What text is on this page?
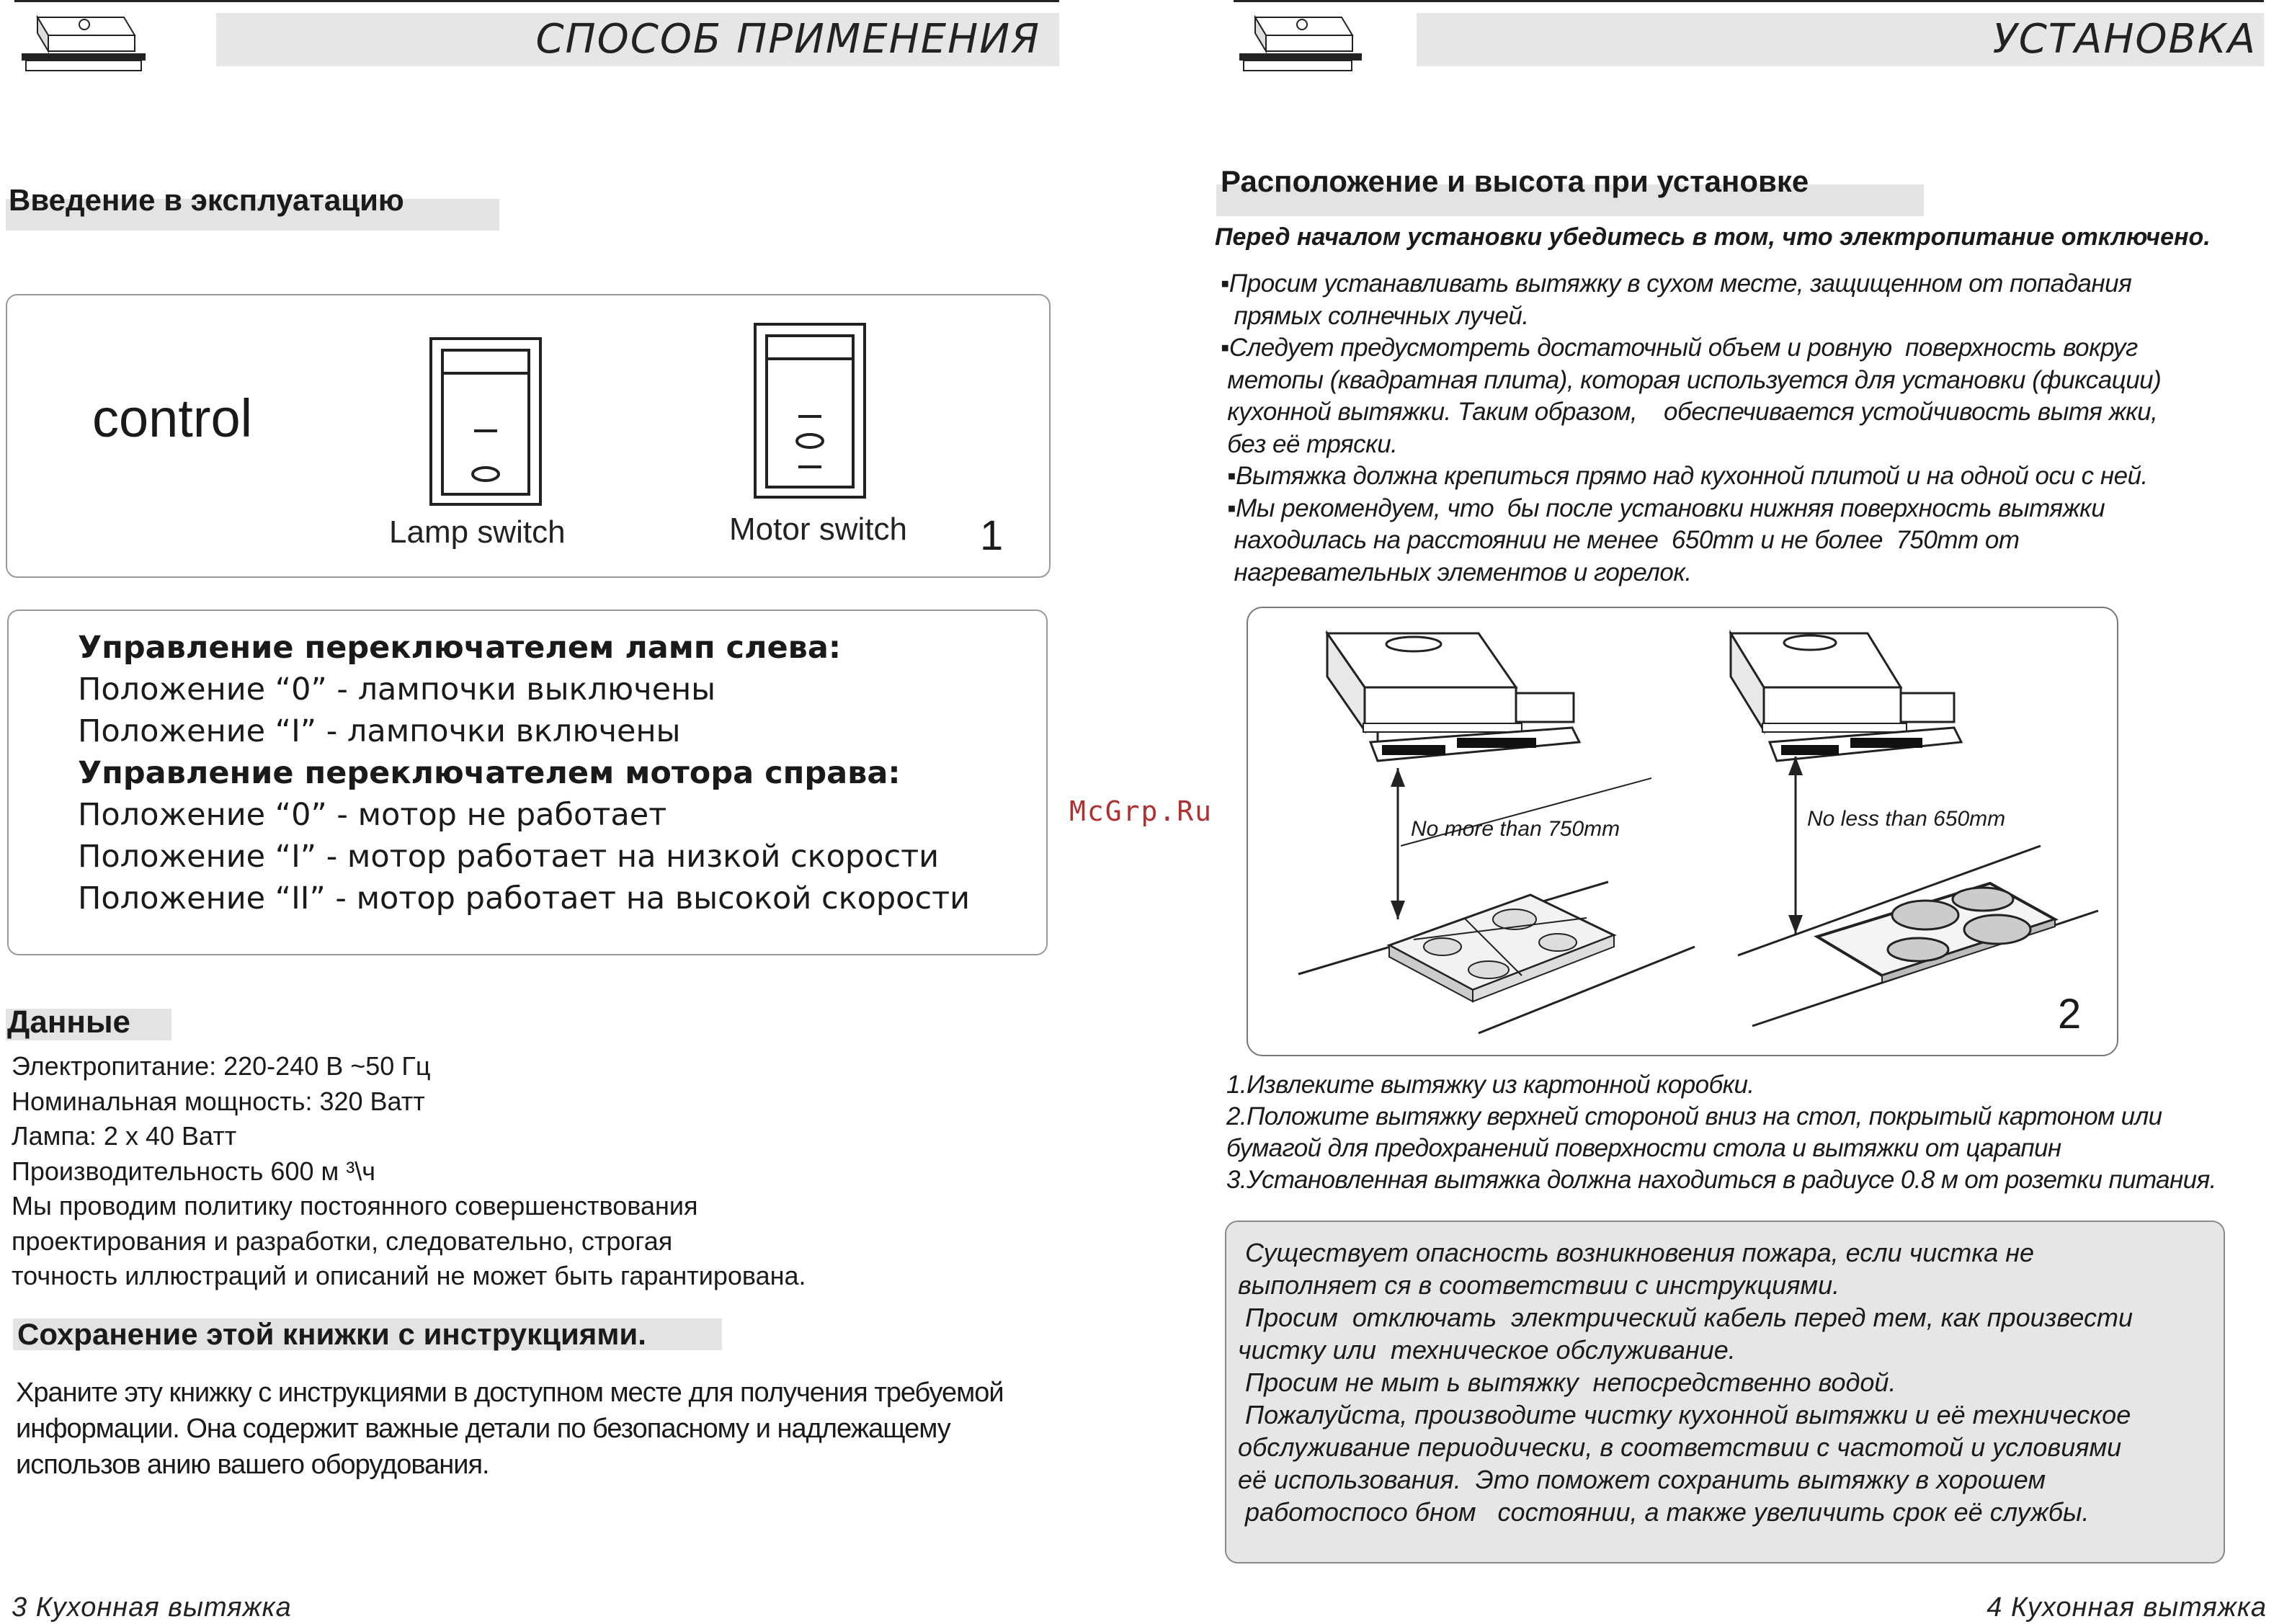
СПОСОБ ПРИМЕНЕНИЯ
Введение в эксплуатацию
control
Lamp switch	Motor switch 1
Управление переключателем ламп слева:
Положение “0” - лампочки выключены
Положение “I” - лампочки включены
Управление переключателем мотора справа:
Положение “0” - мотор не работает
Положение “I” - мотор работает на низкой скорости
Положение “II” - мотор работает на высокой скорости
Данные
Электропитание: 220-240 В ~50 Гц
Номинальная мощность: 320 Ватт
Лампа: 2 х 40 Ватт
Производительность 600 м ³\ч
Мы проводим политику постоянного совершенствования
проектирования и разработки, следовательно, строгая
точность иллюстраций и описаний не может быть гарантирована.
Сохранение этой книжки с инструкциями.
Храните эту книжку с инструкциями в доступном месте для получения требуемой
информации. Она содержит важные детали по безопасному и надлежащему
использов анию вашего оборудования.
3 Кухонная вытяжка
McGrp.Ru
УСТАНОВКА
Расположение и высота при установке
Перед началом установки убедитесь в том, что электропитание отключено.
▪Просим устанавливать вытяжку в сухом месте, защищенном от попадания
прямых солнечных лучей.
▪Следует предусмотреть достаточный объем и ровную  поверхность вокруг
метопы (квадратная плита), которая используется для установки (фиксации)
кухонной вытяжки. Таким образом,    обеспечивается устойчивость вытя жки,
без её тряски.
▪Вытяжка должна крепиться прямо над кухонной плитой и на одной оси с ней.
▪Мы рекомендуем, что  бы после установки нижняя поверхность вытяжки
находилась на расстоянии не менее  650mm и не более  750mm от
нагревательных элементов и горелок.
No more than 750mm	No less than 650mm
2
1.Извлеките вытяжку из картонной коробки.
2.Положите вытяжку верхней стороной вниз на стол, покрытый картоном или
бумагой для предохранений поверхности стола и вытяжки от царапин
3.Установленная вытяжка должна находиться в радиусе 0.8 м от розетки питания.
Существует опасность возникновения пожара, если чистка не
выполняет ся в соответствии с инструкциями.
Просим  отключать  электрический кабель перед тем, как произвести
чистку или  техническое обслуживание.
Просим не мыт ь вытяжку  непосредственно водой.
Пожалуйста, производите чистку кухонной вытяжки и её техническое
обслуживание периодически, в соответствии с частотой и условиями
её использования.  Это поможет сохранить вытяжку в хорошем
работоспосо бном   состоянии, а также увеличить срок её службы.
4 Кухонная вытяжка
